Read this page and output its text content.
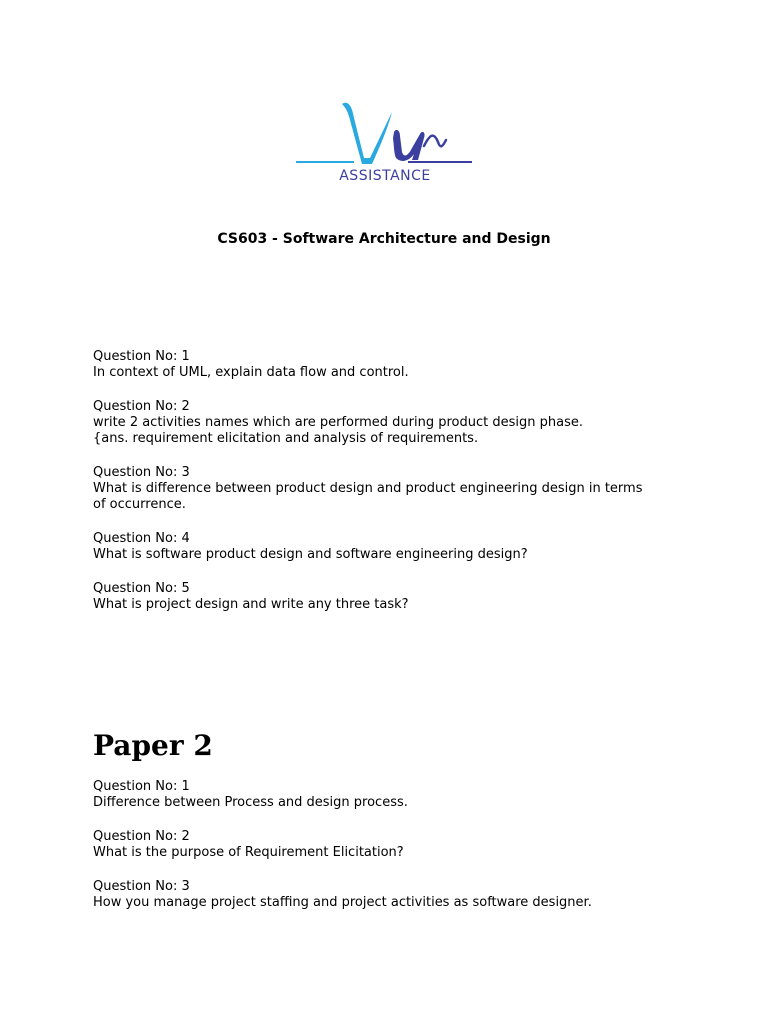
ASSISTANCE
CS603 - Software Architecture and Design
Question No: 1
In context of UML, explain data flow and control.
Question No: 2
write 2 activities names which are performed during product design phase. {ans. requirement elicitation and analysis of requirements.
Question No: 3
What is difference between product design and product engineering design in terms of occurrence.
Question No: 4
What is software product design and software engineering design?
Question No: 5
What is project design and write any three task?
Paper 2
Question No: 1
Difference between Process and design process.
Question No: 2
What is the purpose of Requirement Elicitation?
Question No: 3
How you manage project staffing and project activities as software designer.
